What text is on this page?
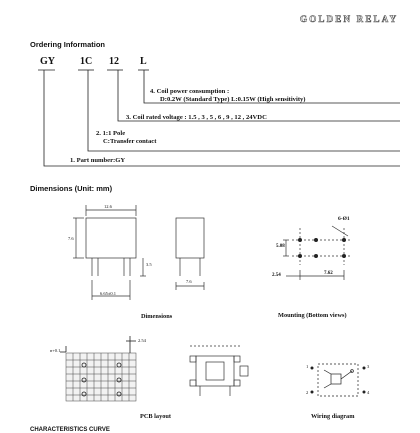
GOLDEN RELAY
Ordering Information
GY	1C 12 L
4. Coil power consumption :
D:0.2W (Standard Type) L:0.15W (High sensitivity)
3. Coil rated voltage : 1.5 , 3 , 5 , 6 , 9 , 12 , 24VDC
2. 1:1 Pole
C:Transfer contact
1. Part number:GY
Dimensions (Unit: mm)
12.6
7.6
3.5
6.65±0.1
7.6
6-Ø1
5.08
7.62
2.54
n+0.1
2.54
1
2
3
4
Dimensions	Mounting (Bottom views)
PCB layout	Wiring diagram
CHARACTERISTICS CURVE
